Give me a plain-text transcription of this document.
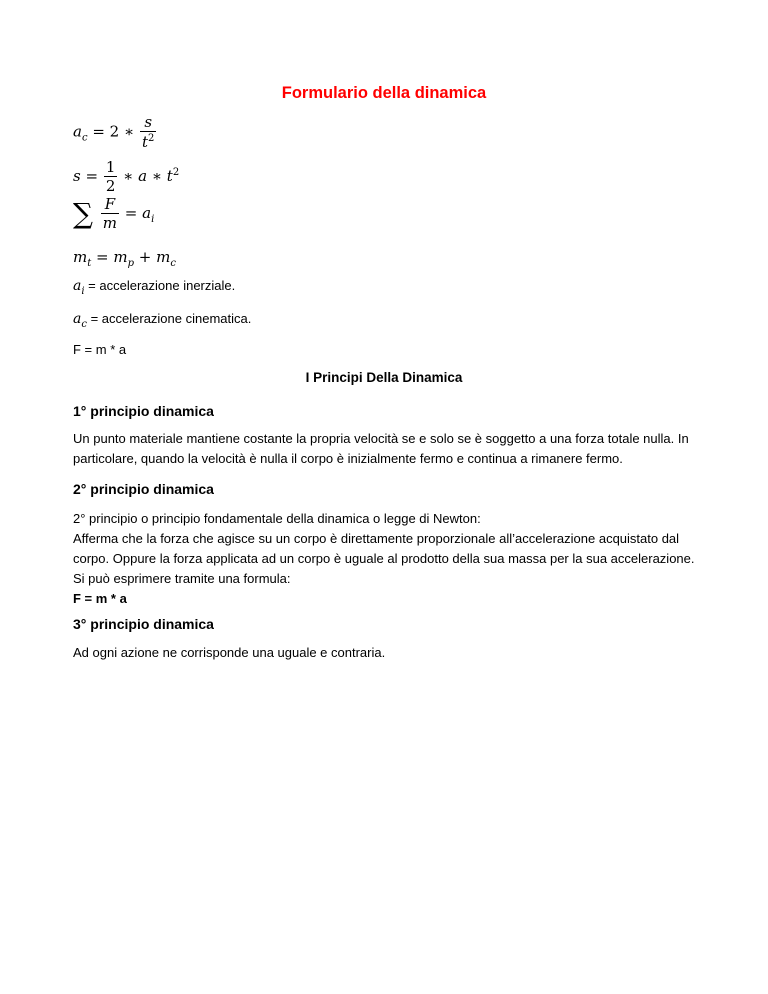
Formulario della dinamica
$a_c = 2$ ∗ $\frac{s}{t^2}$
$s = \frac{1}{2}$ ∗ a ∗ $t^2$
∑ $\frac{F}{m} = a_i$
$m_t = m_p + m_c$
$a_i$ = accelerazione inerziale.
$a_c$ = accelerazione cinematica.
F = m * a
I Principi Della Dinamica
1° principio dinamica
Un punto materiale mantiene costante la propria velocità se e solo se è soggetto a una forza totale nulla. In particolare, quando la velocità è nulla il corpo è inizialmente fermo e continua a rimanere fermo.
2° principio dinamica
2° principio o principio fondamentale della dinamica o legge di Newton:
Afferma che la forza che agisce su un corpo è direttamente proporzionale all’accelerazione acquistato dal corpo. Oppure la forza applicata ad un corpo è uguale al prodotto della sua massa per la sua accelerazione.
Si può esprimere tramite una formula:
F = m * a
3° principio dinamica
Ad ogni azione ne corrisponde una uguale e contraria.
